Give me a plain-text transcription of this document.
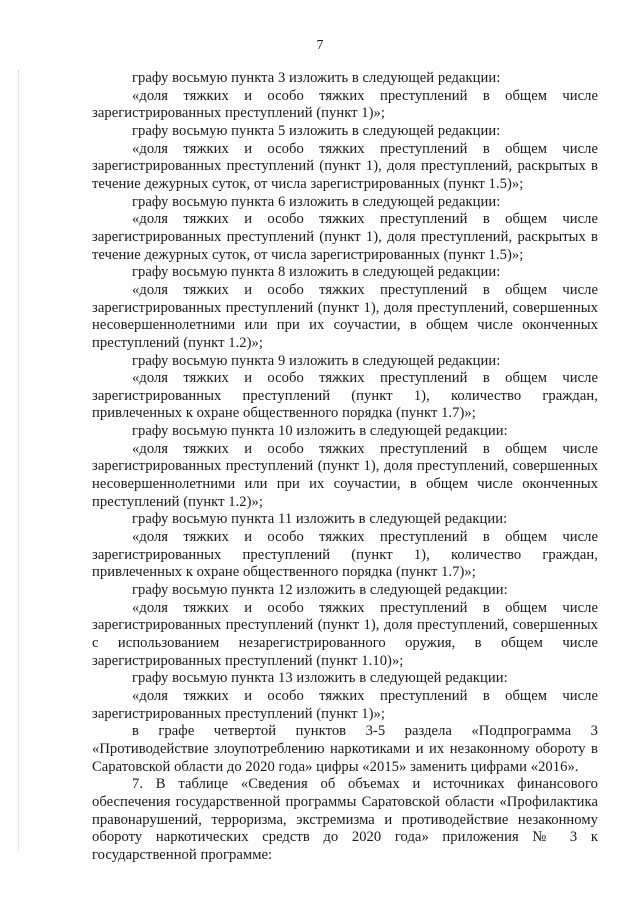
7

графу восьмую пункта 3 изложить в следующей редакции:

«доля тяжких и особо тяжких преступлений в общем числе зарегистрированных преступлений (пункт 1)»;

графу восьмую пункта 5 изложить в следующей редакции:

«доля тяжких и особо тяжких преступлений в общем числе зарегистрированных преступлений (пункт 1), доля преступлений, раскрытых в течение дежурных суток, от числа зарегистрированных (пункт 1.5)»;

графу восьмую пункта 6 изложить в следующей редакции:

«доля тяжких и особо тяжких преступлений в общем числе зарегистрированных преступлений (пункт 1), доля преступлений, раскрытых в течение дежурных суток, от числа зарегистрированных (пункт 1.5)»;

графу восьмую пункта 8 изложить в следующей редакции:

«доля тяжких и особо тяжких преступлений в общем числе зарегистрированных преступлений (пункт 1), доля преступлений, совершенных несовершеннолетними или при их соучастии, в общем числе оконченных преступлений (пункт 1.2)»;

графу восьмую пункта 9 изложить в следующей редакции:

«доля тяжких и особо тяжких преступлений в общем числе зарегистрированных преступлений (пункт 1), количество граждан, привлеченных к охране общественного порядка (пункт 1.7)»;

графу восьмую пункта 10 изложить в следующей редакции:

«доля тяжких и особо тяжких преступлений в общем числе зарегистрированных преступлений (пункт 1), доля преступлений, совершенных несовершеннолетними или при их соучастии, в общем числе оконченных преступлений (пункт 1.2)»;

графу восьмую пункта 11 изложить в следующей редакции:

«доля тяжких и особо тяжких преступлений в общем числе зарегистрированных преступлений (пункт 1), количество граждан, привлеченных к охране общественного порядка (пункт 1.7)»;

графу восьмую пункта 12 изложить в следующей редакции:

«доля тяжких и особо тяжких преступлений в общем числе зарегистрированных преступлений (пункт 1), доля преступлений, совершенных с использованием незарегистрированного оружия, в общем числе зарегистрированных преступлений (пункт 1.10)»;

графу восьмую пункта 13 изложить в следующей редакции:

«доля тяжких и особо тяжких преступлений в общем числе зарегистрированных преступлений (пункт 1)»;

в графе четвертой пунктов 3-5 раздела «Подпрограмма 3 «Противодействие злоупотреблению наркотиками и их незаконному обороту в Саратовской области до 2020 года» цифры «2015» заменить цифрами «2016».

7. В таблице «Сведения об объемах и источниках финансового обеспечения государственной программы Саратовской области «Профилактика правонарушений, терроризма, экстремизма и противодействие незаконному обороту наркотических средств до 2020 года» приложения № 3 к государственной программе:
